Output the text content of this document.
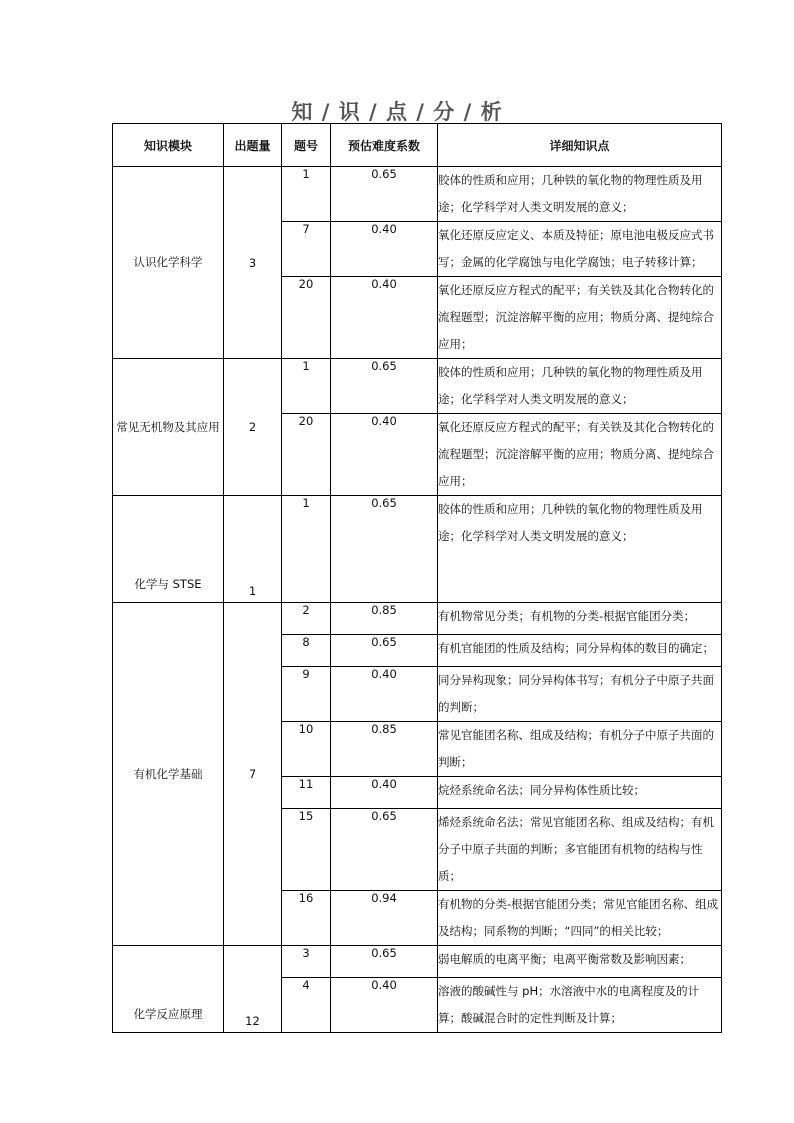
知 / 识 / 点 / 分 / 析
知识模块	出题量	题号	预估难度系数	详细知识点
认识化学科学	3	1	0.65	胶体的性质和应用；几种铁的氧化物的物理性质及用途；化学科学对人类文明发展的意义；
		7	0.40	氧化还原反应定义、本质及特征；原电池电极反应式书写；金属的化学腐蚀与电化学腐蚀；电子转移计算；
		20	0.40	氧化还原反应方程式的配平；有关铁及其化合物转化的流程题型；沉淀溶解平衡的应用；物质分离、提纯综合应用；
常见无机物及其应用	2	1	0.65	胶体的性质和应用；几种铁的氧化物的物理性质及用途；化学科学对人类文明发展的意义；
		20	0.40	氧化还原反应方程式的配平；有关铁及其化合物转化的流程题型；沉淀溶解平衡的应用；物质分离、提纯综合应用；
化学与 STSE	1	1	0.65	胶体的性质和应用；几种铁的氧化物的物理性质及用途；化学科学对人类文明发展的意义；
有机化学基础	7	2	0.85	有机物常见分类；有机物的分类-根据官能团分类；
		8	0.65	有机官能团的性质及结构；同分异构体的数目的确定；
		9	0.40	同分异构现象；同分异构体书写；有机分子中原子共面的判断；
		10	0.85	常见官能团名称、组成及结构；有机分子中原子共面的判断；
		11	0.40	烷烃系统命名法；同分异构体性质比较；
		15	0.65	烯烃系统命名法；常见官能团名称、组成及结构；有机分子中原子共面的判断；多官能团有机物的结构与性质；
		16	0.94	有机物的分类-根据官能团分类；常见官能团名称、组成及结构；同系物的判断；“四同”的相关比较；
化学反应原理	12	3	0.65	弱电解质的电离平衡；电离平衡常数及影响因素；
		4	0.40	溶液的酸碱性与 pH；水溶液中水的电离程度及的计算；酸碱混合时的定性判断及计算；
